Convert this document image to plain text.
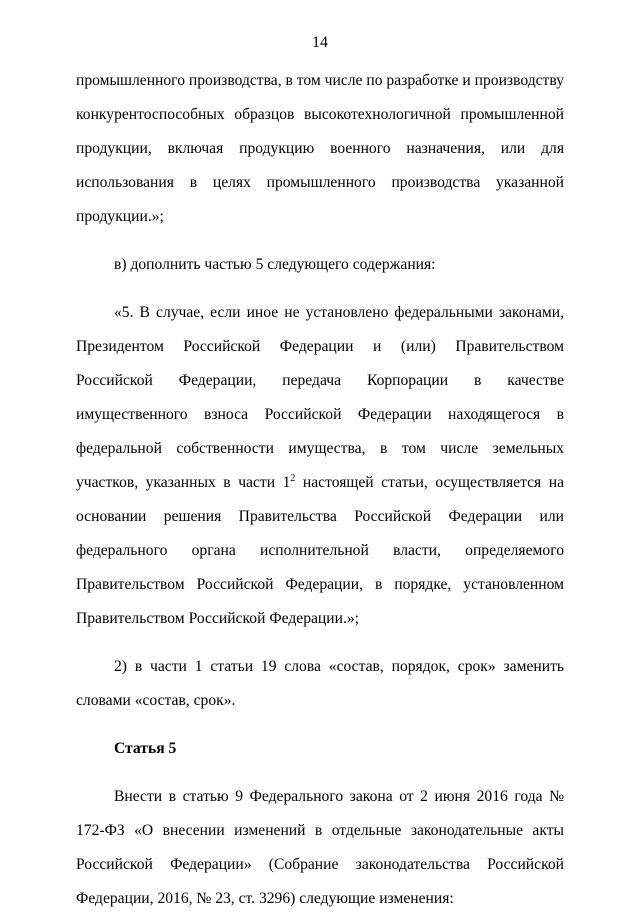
14

промышленного производства, в том числе по разработке и производству конкурентоспособных образцов высокотехнологичной промышленной продукции, включая продукцию военного назначения, или для использования в целях промышленного производства указанной продукции.»;

в) дополнить частью 5 следующего содержания:

«5. В случае, если иное не установлено федеральными законами, Президентом Российской Федерации и (или) Правительством Российской Федерации, передача Корпорации в качестве имущественного взноса Российской Федерации находящегося в федеральной собственности имущества, в том числе земельных участков, указанных в части $1^2$ настоящей статьи, осуществляется на основании решения Правительства Российской Федерации или федерального органа исполнительной власти, определяемого Правительством Российской Федерации, в порядке, установленном Правительством Российской Федерации.»;

2) в части 1 статьи 19 слова «состав, порядок, срок» заменить словами «состав, срок».

Статья 5

Внести в статью 9 Федерального закона от 2 июня 2016 года № 172-ФЗ «О внесении изменений в отдельные законодательные акты Российской Федерации» (Собрание законодательства Российской Федерации, 2016, № 23, ст. 3296) следующие изменения:
